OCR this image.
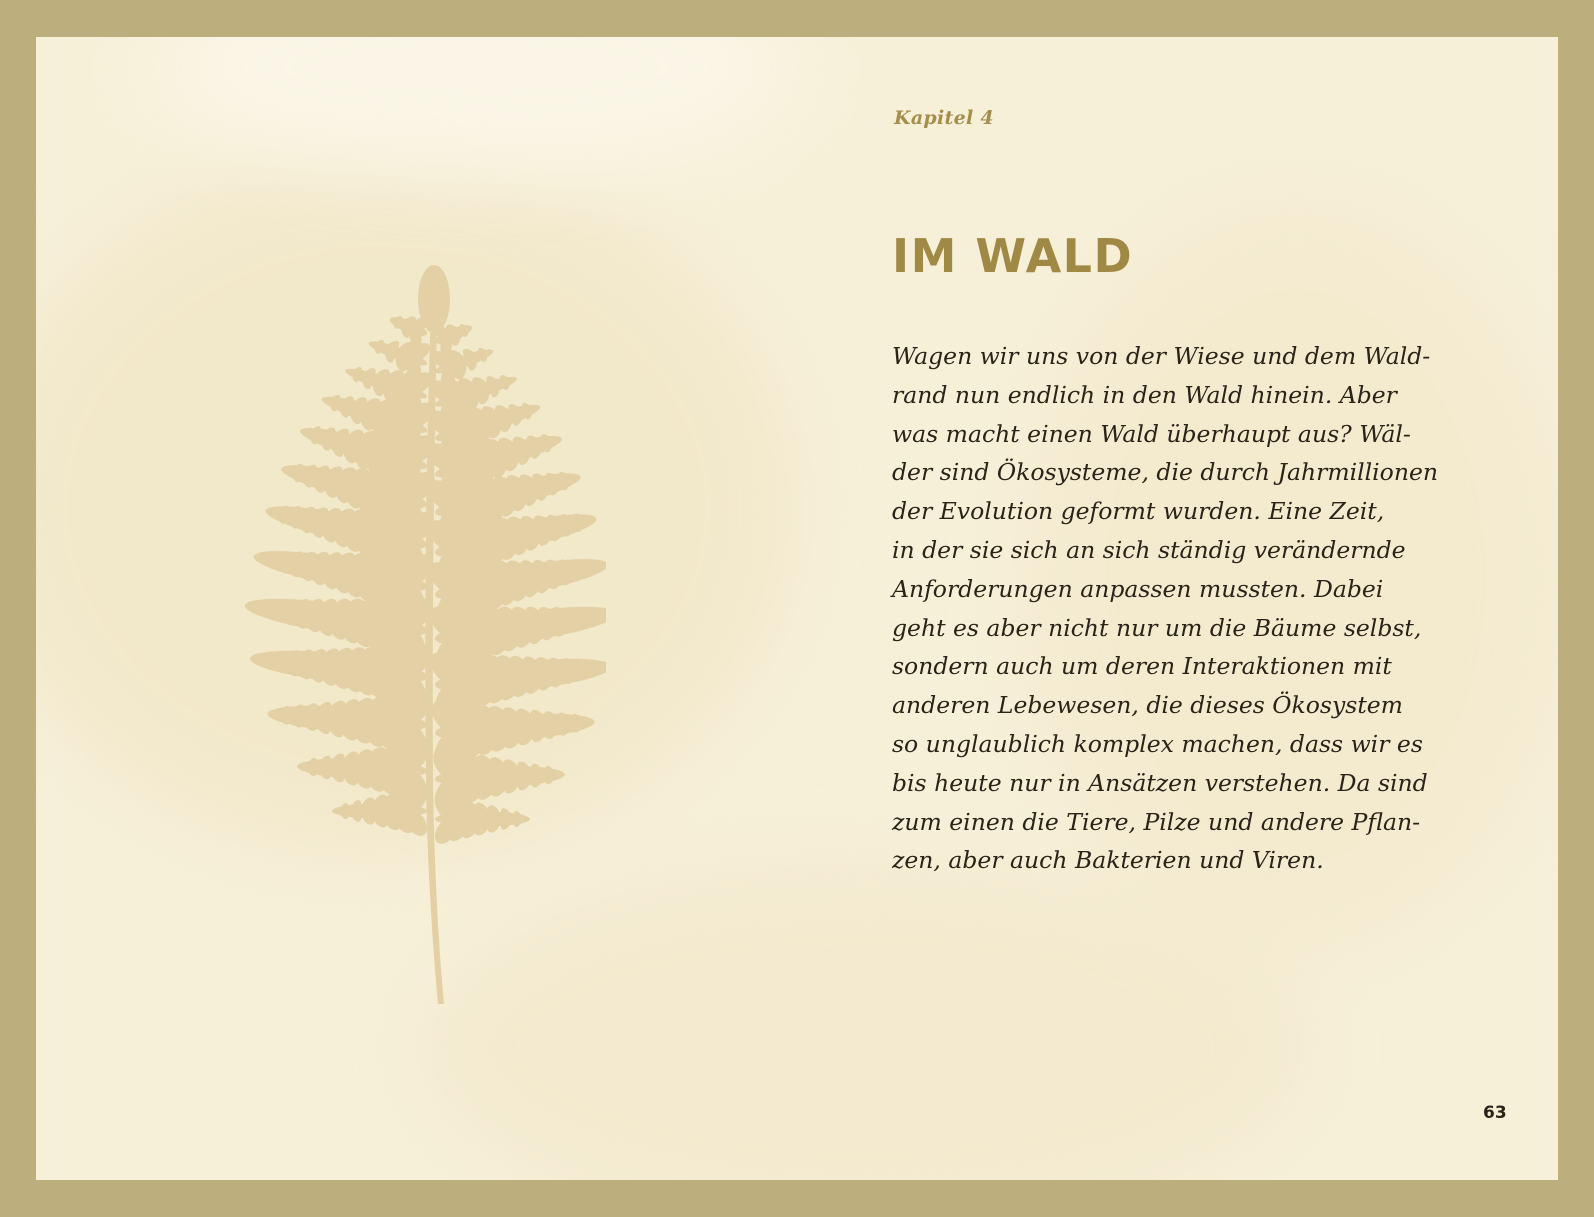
Kapitel 4
IM WALD
Wagen wir uns von der Wiese und dem Wald-
rand nun endlich in den Wald hinein. Aber
was macht einen Wald überhaupt aus? Wäl-
der sind Ökosysteme, die durch Jahrmillionen
der Evolution geformt wurden. Eine Zeit,
in der sie sich an sich ständig verändernde
Anforderungen anpassen mussten. Dabei
geht es aber nicht nur um die Bäume selbst,
sondern auch um deren Interaktionen mit
anderen Lebewesen, die dieses Ökosystem
so unglaublich komplex machen, dass wir es
bis heute nur in Ansätzen verstehen. Da sind
zum einen die Tiere, Pilze und andere Pflan-
zen, aber auch Bakterien und Viren.
63
